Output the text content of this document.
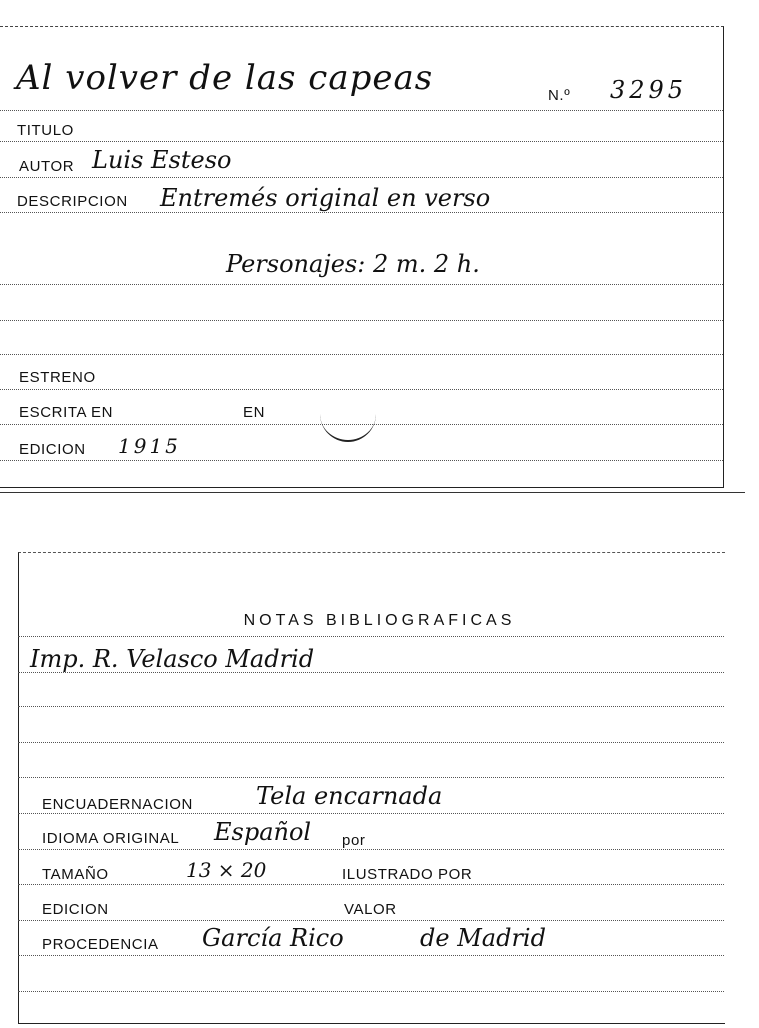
Al volver de las capeas	N.º 3295
TITULO
AUTOR Luis Esteso
DESCRIPCION Entremés original en verso
Personajes: 2 m. 2 h.
ESTRENO
ESCRITA EN	EN
EDICION 1915
NOTAS BIBLIOGRAFICAS
Imp. R. Velasco Madrid
ENCUADERNACION	Tela encarnada
IDIOMA ORIGINAL Español por
TAMAÑO	13 × 20	ILUSTRADO POR
EDICION	VALOR
PROCEDENCIA García Rico	de Madrid
